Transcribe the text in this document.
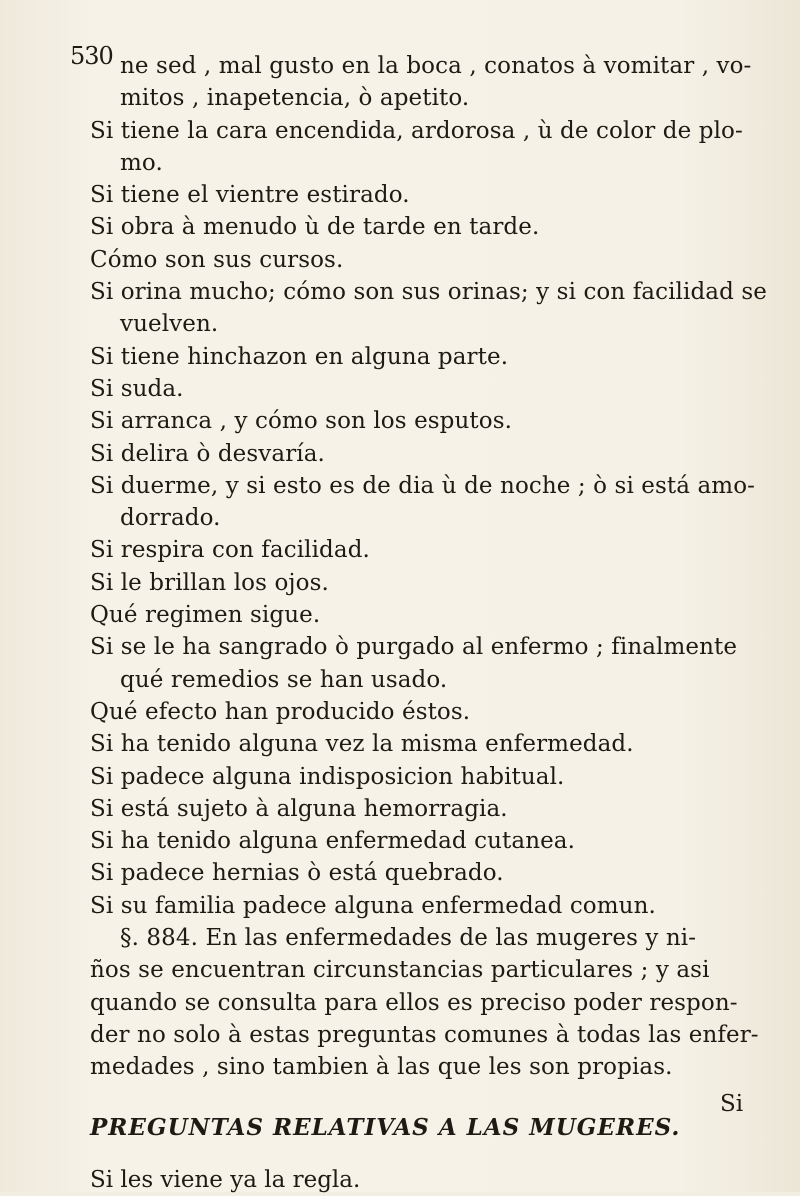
530 ne sed , mal gusto en la boca , conatos à vomitar , vo-
mitos , inapetencia, ò apetito.
Si tiene la cara encendida, ardorosa , ù de color de plo-
mo.
Si tiene el vientre estirado.
Si obra à menudo ù de tarde en tarde.
Cómo son sus cursos.
Si orina mucho; cómo son sus orinas; y si con facilidad se
vuelven.
Si tiene hinchazon en alguna parte.
Si suda.
Si arranca , y cómo son los esputos.
Si delira ò desvaría.
Si duerme, y si esto es de dia ù de noche ; ò si está amo-
dorrado.
Si respira con facilidad.
Si le brillan los ojos.
Qué regimen sigue.
Si se le ha sangrado ò purgado al enfermo ; finalmente
qué remedios se han usado.
Qué efecto han producido éstos.
Si ha tenido alguna vez la misma enfermedad.
Si padece alguna indisposicion habitual.
Si está sujeto à alguna hemorragia.
Si ha tenido alguna enfermedad cutanea.
Si padece hernias ò está quebrado.
Si su familia padece alguna enfermedad comun.
§. 884. En las enfermedades de las mugeres y ni-
ños se encuentran circunstancias particulares ; y asi
quando se consulta para ellos es preciso poder respon-
der no solo à estas preguntas comunes à todas las enfer-
medades , sino tambien à las que les son propias.
PREGUNTAS RELATIVAS A LAS MUGERES.
Si les viene ya la regla.
Si
